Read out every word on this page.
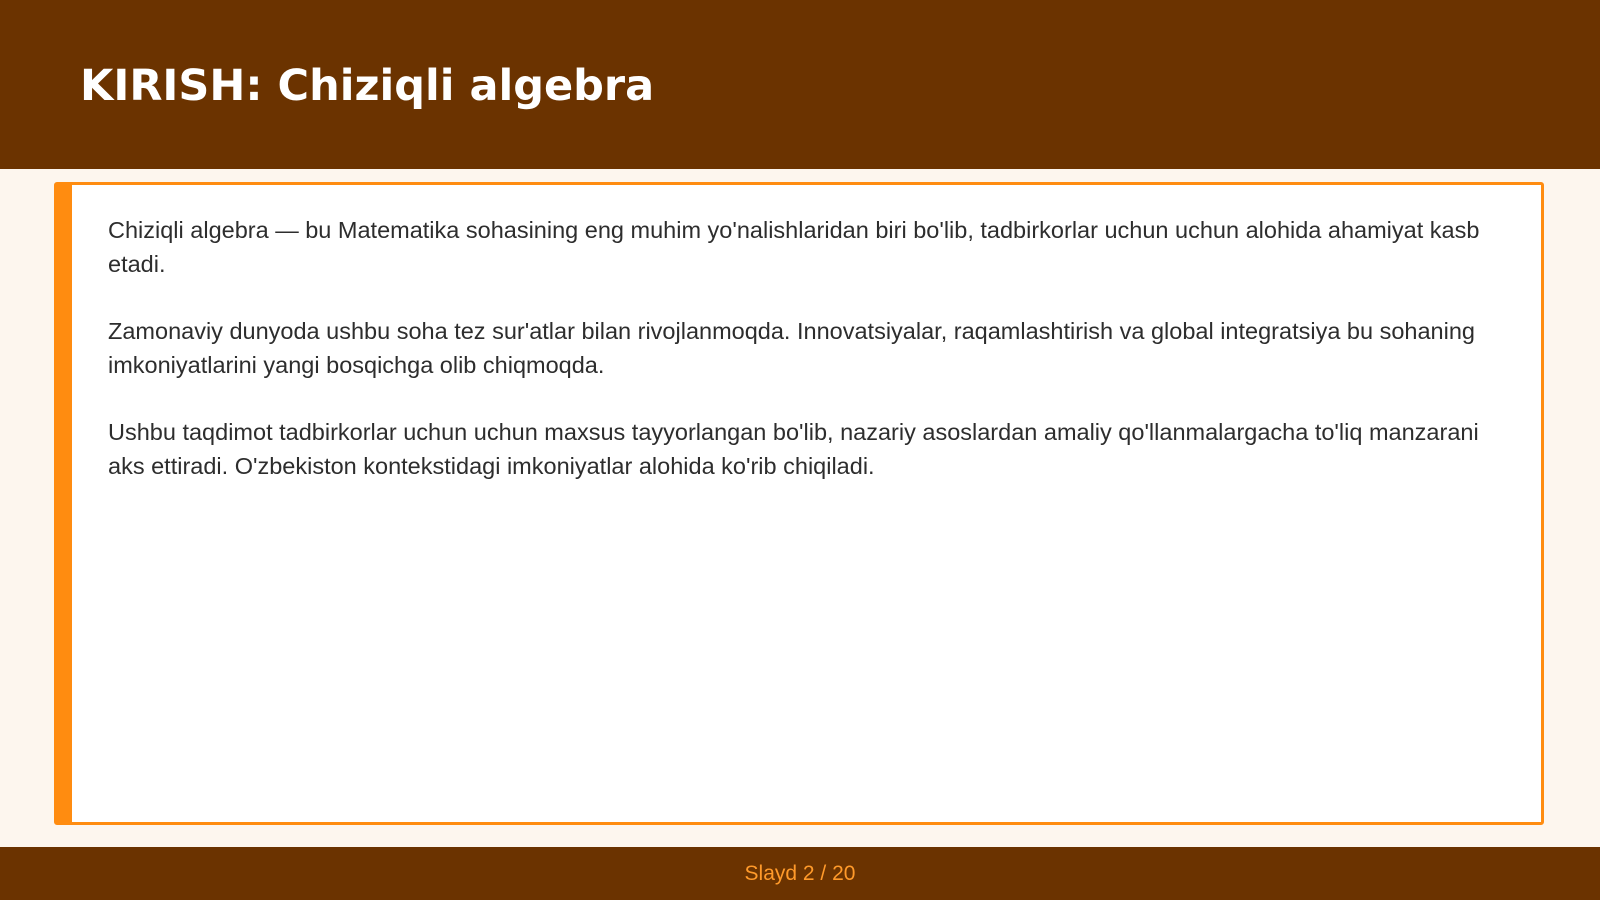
KIRISH: Chiziqli algebra

Chiziqli algebra — bu Matematika sohasining eng muhim yo'nalishlaridan biri bo'lib, tadbirkorlar uchun uchun alohida ahamiyat kasb etadi.

Zamonaviy dunyoda ushbu soha tez sur'atlar bilan rivojlanmoqda. Innovatsiyalar, raqamlashtirish va global integratsiya bu sohaning imkoniyatlarini yangi bosqichga olib chiqmoqda.

Ushbu taqdimot tadbirkorlar uchun uchun maxsus tayyorlangan bo'lib, nazariy asoslardan amaliy qo'llanmalargacha to'liq manzarani aks ettiradi. O'zbekiston kontekstidagi imkoniyatlar alohida ko'rib chiqiladi.

Slayd 2 / 20
